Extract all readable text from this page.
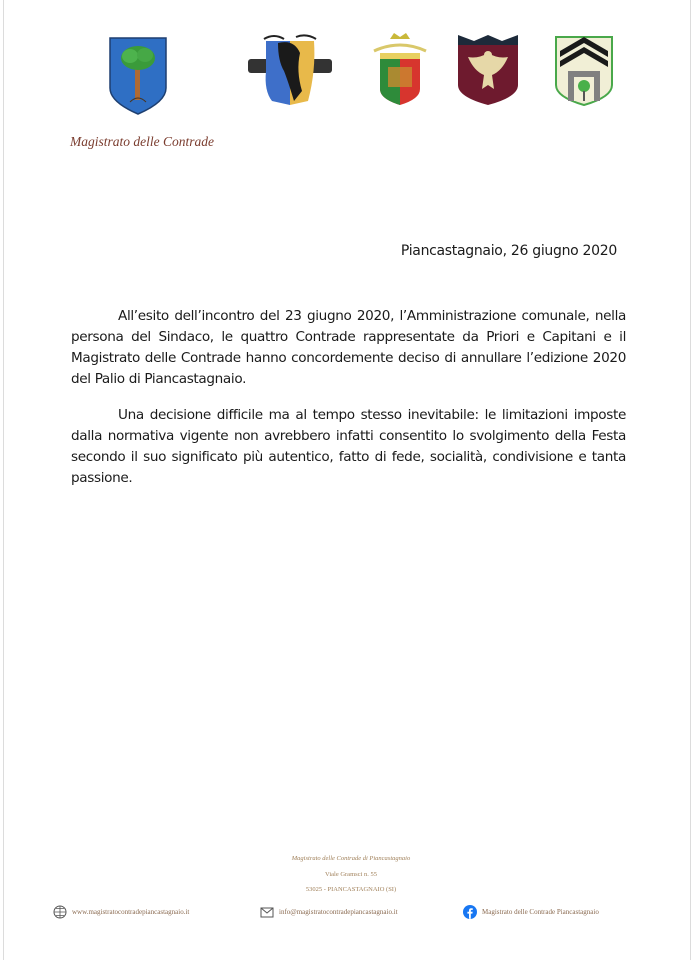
Magistrato delle Contrade
Piancastagnaio, 26 giugno 2020

All’esito dell’incontro del 23 giugno 2020, l’Amministrazione comunale, nella persona del Sindaco, le quattro Contrade rappresentate da Priori e Capitani e il Magistrato delle Contrade hanno concordemente deciso di annullare l’edizione 2020 del Palio di Piancastagnaio.

Una decisione difficile ma al tempo stesso inevitabile: le limitazioni imposte dalla normativa vigente non avrebbero infatti consentito lo svolgimento della Festa secondo il suo significato più autentico, fatto di fede, socialità, condivisione e tanta passione.

Magistrato delle Contrade di Piancastagnaio
Viale Gramsci n. 55
53025 - PIANCASTAGNAIO (SI)
www.magistratocontradepiancastagnaio.it	info@magistratocontradepiancastagnaio.it	Magistrato delle Contrade Piancastagnaio
